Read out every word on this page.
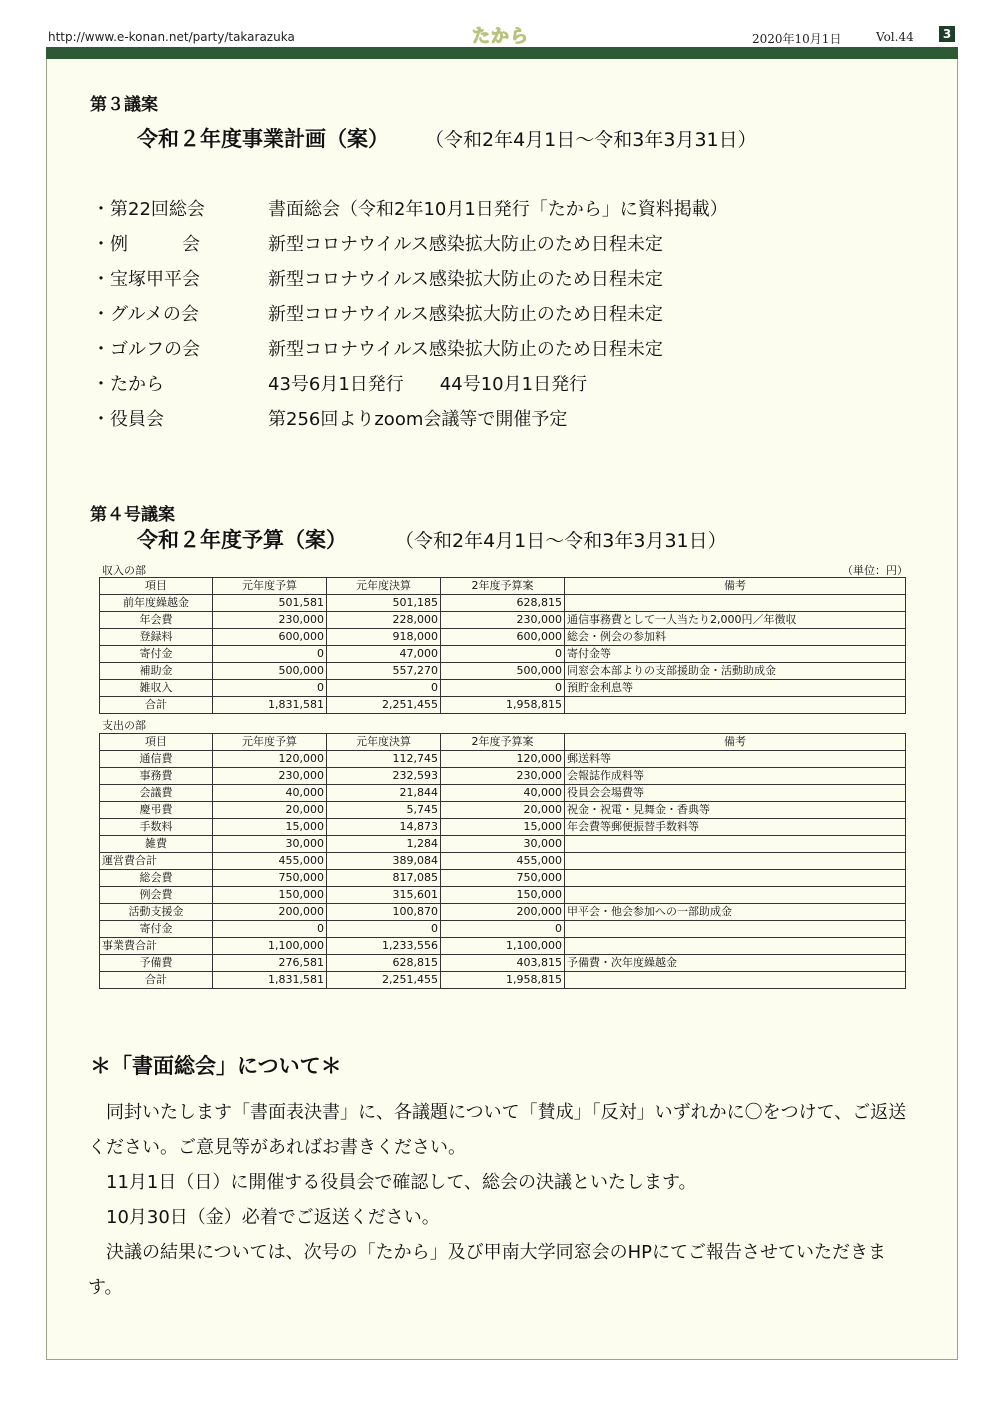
http://www.e-konan.net/party/takarazuka	たから	2020年10月1日	Vol.44	3
第３議案
令和２年度事業計画（案） （令和2年4月1日～令和3年3月31日）
・第22回総会	書面総会（令和2年10月1日発行「たから」に資料掲載）
・例　　　会	新型コロナウイルス感染拡大防止のため日程未定
・宝塚甲平会	新型コロナウイルス感染拡大防止のため日程未定
・グルメの会	新型コロナウイルス感染拡大防止のため日程未定
・ゴルフの会	新型コロナウイルス感染拡大防止のため日程未定
・たから	43号6月1日発行　　44号10月1日発行
・役員会	第256回よりzoom会議等で開催予定
第４号議案
令和２年度予算（案）	（令和2年4月1日～令和3年3月31日）
収入の部	（単位：円）
項目	元年度予算	元年度決算	2年度予算案	備考
前年度繰越金	501,581	501,185	628,815	
年会費	230,000	228,000	230,000	通信事務費として一人当たり2,000円／年徴収
登録料	600,000	918,000	600,000	総会・例会の参加料
寄付金	0	47,000	0	寄付金等
補助金	500,000	557,270	500,000	同窓会本部よりの支部援助金・活動助成金
雑収入	0	0	0	預貯金利息等
合計	1,831,581	2,251,455	1,958,815	
支出の部
項目	元年度予算	元年度決算	2年度予算案	備考
通信費	120,000	112,745	120,000	郵送料等
事務費	230,000	232,593	230,000	会報誌作成料等
会議費	40,000	21,844	40,000	役員会会場費等
慶弔費	20,000	5,745	20,000	祝金・祝電・見舞金・香典等
手数料	15,000	14,873	15,000	年会費等郵便振替手数料等
雑費	30,000	1,284	30,000	
運営費合計	455,000	389,084	455,000	
総会費	750,000	817,085	750,000	
例会費	150,000	315,601	150,000	
活動支援金	200,000	100,870	200,000	甲平会・他会参加への一部助成金
寄付金	0	0	0	
事業費合計	1,100,000	1,233,556	1,100,000	
予備費	276,581	628,815	403,815	予備費・次年度繰越金
合計	1,831,581	2,251,455	1,958,815	
＊「書面総会」について＊
　同封いたします「書面表決書」に、各議題について「賛成」「反対」いずれかに〇をつけて、ご返送ください。ご意見等があればお書きください。
　11月1日（日）に開催する役員会で確認して、総会の決議といたします。
　10月30日（金）必着でご返送ください。
　決議の結果については、次号の「たから」及び甲南大学同窓会のHPにてご報告させていただきます。
